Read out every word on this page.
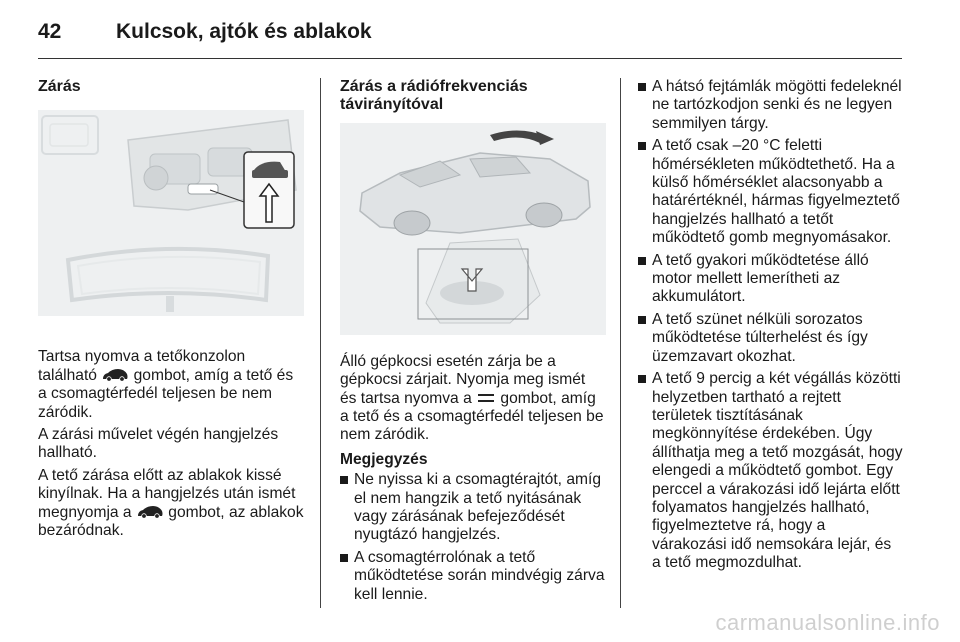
42	Kulcsok, ajtók és ablakok
Zárás

Tartsa nyomva a tetőkonzolon található  gombot, amíg a tető és a csomagtérfedél teljesen be nem záródik.

A zárási művelet végén hangjelzés hallható.

A tető zárása előtt az ablakok kissé kinyílnak. Ha a hangjelzés után ismét
megnyomja a  gombot, az ablakok bezáródnak.

Zárás a rádiófrekvenciás
távirányítóval

Álló gépkocsi esetén zárja be a gépkocsi zárjait. Nyomja meg ismét és tartsa nyomva a  gombot, amíg a tető és a csomagtérfedél teljesen be nem záródik.

Megjegyzés
Ne nyissa ki a csomagtérajtót, amíg el nem hangzik a tető nyitásának vagy zárásának befejeződését nyugtázó hangjelzés.
A csomagtérrolónak a tető működtetése során mindvégig zárva kell lennie.
A hátsó fejtámlák mögötti fedeleknél ne tartózkodjon senki és ne legyen semmilyen tárgy.
A tető csak –20 °C feletti hőmérsékleten működtethető. Ha a külső hőmérséklet alacsonyabb a határértéknél, hármas figyelmeztető hangjelzés hallható a tetőt működtető gomb megnyomásakor.
A tető gyakori működtetése álló motor mellett lemerítheti az akkumulátort.
A tető szünet nélküli sorozatos működtetése túlterhelést és így üzemzavart okozhat.
A tető 9 percig a két végállás közötti helyzetben tartható a rejtett területek tisztításának megkönnyítése érdekében. Úgy állíthatja meg a tető mozgását, hogy elengedi a működtető gombot. Egy perccel a várakozási idő lejárta előtt folyamatos hangjelzés hallható, figyelmeztetve rá, hogy a várakozási idő nemsokára lejár, és a tető megmozdulhat.
carmanualsonline.info
